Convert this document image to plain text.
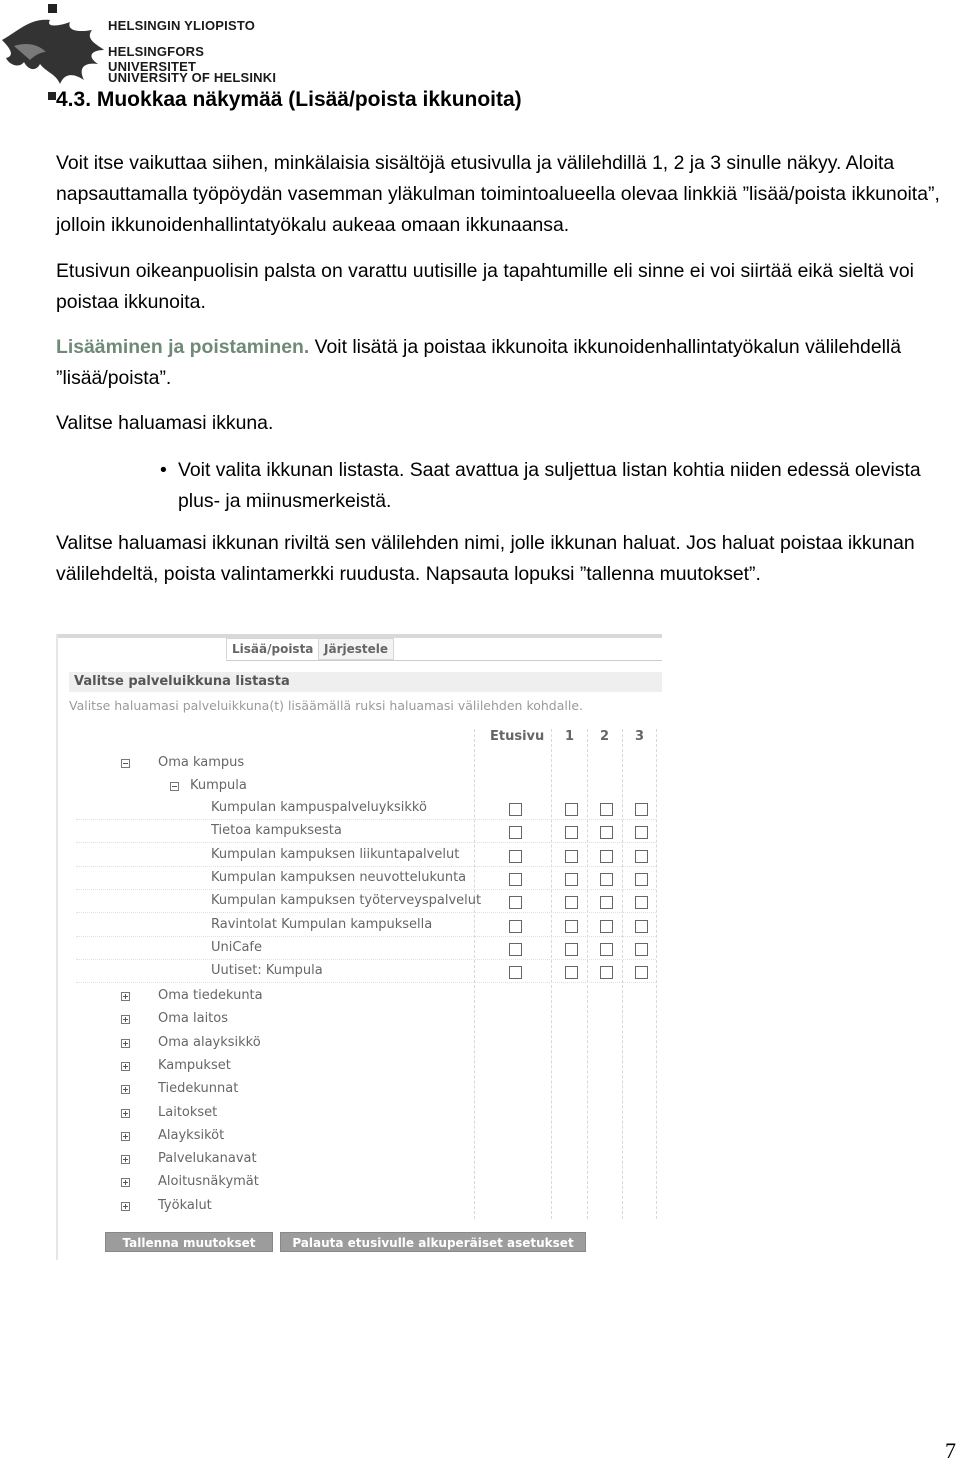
HELSINGIN YLIOPISTO
HELSINGFORS UNIVERSITET
UNIVERSITY OF HELSINKI
4.3. Muokkaa näkymää (Lisää/poista ikkunoita)
Voit itse vaikuttaa siihen, minkälaisia sisältöjä etusivulla ja välilehdillä 1, 2 ja 3 sinulle näkyy. Aloita napsauttamalla työpöydän vasemman yläkulman toimintoalueella olevaa linkkiä ”lisää/poista ikkunoita”, jolloin ikkunoidenhallintatyökalu aukeaa omaan ikkunaansa.
Etusivun oikeanpuolisin palsta on varattu uutisille ja tapahtumille eli sinne ei voi siirtää eikä sieltä voi poistaa ikkunoita.
Lisääminen ja poistaminen. Voit lisätä ja poistaa ikkunoita ikkunoidenhallintatyökalun välilehdellä ”lisää/poista”.
Valitse haluamasi ikkuna.
• Voit valita ikkunan listasta. Saat avattua ja suljettua listan kohtia niiden edessä olevista plus- ja miinusmerkeistä.
Valitse haluamasi ikkunan riviltä sen välilehden nimi, jolle ikkunan haluat. Jos haluat poistaa ikkunan välilehdeltä, poista valintamerkki ruudusta. Napsauta lopuksi ”tallenna muutokset”.
Lisää/poista Järjestele
Valitse palveluikkuna listasta
Valitse haluamasi palveluikkuna(t) lisäämällä ruksi haluamasi välilehden kohdalle.
Etusivu 1 2 3
Oma kampus
Kumpula
Kumpulan kampuspalveluyksikkö
Tietoa kampuksesta
Kumpulan kampuksen liikuntapalvelut
Kumpulan kampuksen neuvottelukunta
Kumpulan kampuksen työterveyspalvelut
Ravintolat Kumpulan kampuksella
UniCafe
Uutiset: Kumpula
Oma tiedekunta
Oma laitos
Oma alayksikkö
Kampukset
Tiedekunnat
Laitokset
Alayksiköt
Palvelukanavat
Aloitusnäkymät
Työkalut
Tallenna muutokset	Palauta etusivulle alkuperäiset asetukset
7
